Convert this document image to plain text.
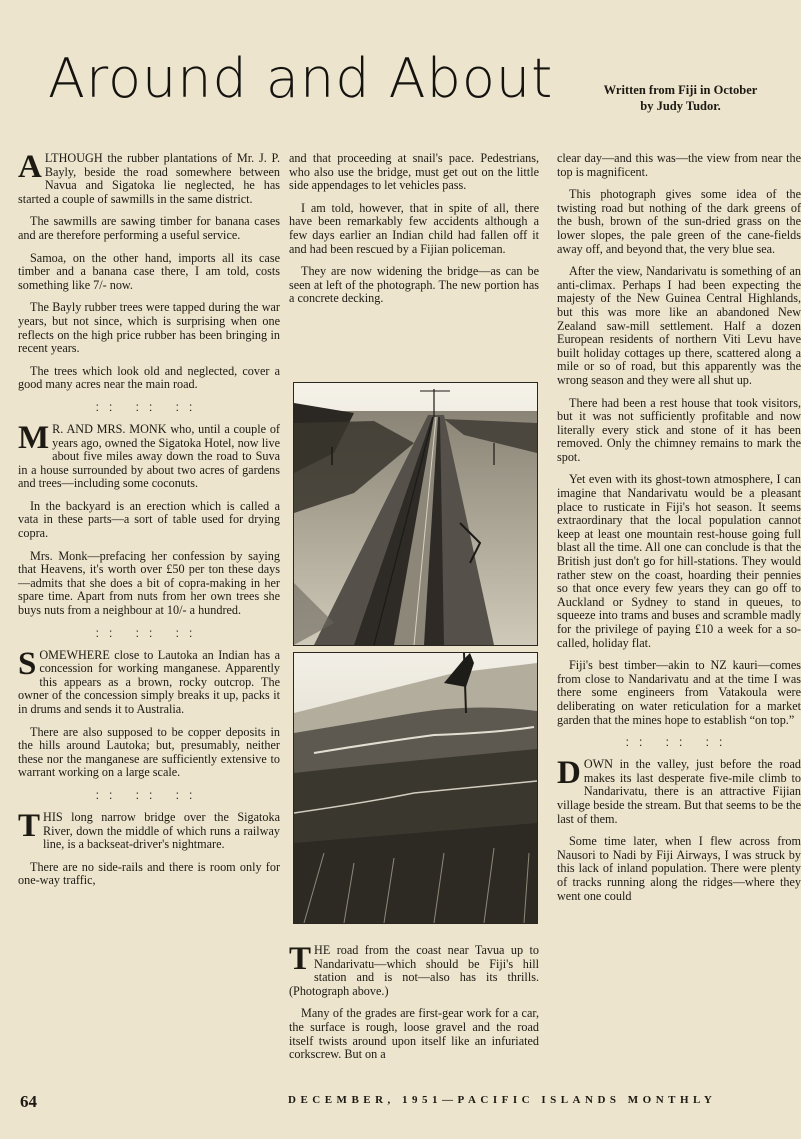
Around and About	Written from Fiji in October
by Judy Tudor.

ALTHOUGH the rubber plantations of Mr. J. P. Bayly, beside the road somewhere between Navua and Sigatoka lie neglected, he has started a couple of sawmills in the same district.

The sawmills are sawing timber for banana cases and are therefore performing a useful service.

Samoa, on the other hand, imports all its case timber and a banana case there, I am told, costs something like 7/- now.

The Bayly rubber trees were tapped during the war years, but not since, which is surprising when one reflects on the high price rubber has been bringing in recent years.

The trees which look old and neglected, cover a good many acres near the main road.

:: :: ::

M R. AND MRS. MONK who, until a couple of years ago, owned the Sigatoka Hotel, now live about five miles away down the road to Suva in a house surrounded by about two acres of gardens and trees—including some coconuts.

In the backyard is an erection which is called a vata in these parts—a sort of table used for drying copra.

Mrs. Monk—prefacing her confession by saying that Heavens, it's worth over £50 per ton these days—admits that she does a bit of copra-making in her spare time. Apart from nuts from her own trees she buys nuts from a neighbour at 10/- a hundred.

:: :: ::

SOMEWHERE close to Lautoka an Indian has a concession for working manganese. Apparently this appears as a brown, rocky outcrop. The owner of the concession simply breaks it up, packs it in drums and sends it to Australia.

There are also supposed to be copper deposits in the hills around Lautoka; but, presumably, neither these nor the manganese are sufficiently extensive to warrant working on a large scale.

:: :: ::

THIS long narrow bridge over the Sigatoka River, down the middle of which runs a railway line, is a backseat-driver's nightmare.

There are no side-rails and there is room only for one-way traffic,

and that proceeding at snail's pace. Pedestrians, who also use the bridge, must get out on the little side appendages to let vehicles pass.

I am told, however, that in spite of all, there have been remarkably few accidents although a few days earlier an Indian child had fallen off it and had been rescued by a Fijian policeman.

They are now widening the bridge—as can be seen at left of the photograph. The new portion has a concrete decking.

THE road from the coast near Tavua up to Nandarivatu—which should be Fiji's hill station and is not—also has its thrills. (Photograph above.)

Many of the grades are first-gear work for a car, the surface is rough, loose gravel and the road itself twists around upon itself like an infuriated corkscrew. But on a

clear day—and this was—the view from near the top is magnificent.

This photograph gives some idea of the twisting road but nothing of the dark greens of the bush, brown of the sun-dried grass on the lower slopes, the pale green of the cane-fields away off, and beyond that, the very blue sea.

After the view, Nandarivatu is something of an anti-climax. Perhaps I had been expecting the majesty of the New Guinea Central Highlands, but this was more like an abandoned New Zealand saw-mill settlement. Half a dozen European residents of northern Viti Levu have built holiday cottages up there, scattered along a mile or so of road, but this apparently was the wrong season and they were all shut up.

There had been a rest house that took visitors, but it was not sufficiently profitable and now literally every stick and stone of it has been removed. Only the chimney remains to mark the spot.

Yet even with its ghost-town atmosphere, I can imagine that Nandarivatu would be a pleasant place to rusticate in Fiji's hot season. It seems extraordinary that the local population cannot keep at least one mountain rest-house going full blast all the time. All one can conclude is that the British just don't go for hill-stations. They would rather stew on the coast, hoarding their pennies so that once every few years they can go off to Auckland or Sydney to stand in queues, to squeeze into trams and buses and scramble madly for the privilege of paying £10 a week for a so-called, holiday flat.

Fiji's best timber—akin to NZ kauri—comes from close to Nandarivatu and at the time I was there some engineers from Vatakoula were deliberating on water reticulation for a market garden that the mines hope to establish “on top.”

:: :: ::

DOWN in the valley, just before the road makes its last desperate five-mile climb to Nandarivatu, there is an attractive Fijian village beside the stream. But that seems to be the last of them.

Some time later, when I flew across from Nausori to Nadi by Fiji Airways, I was struck by this lack of inland population. There were plenty of tracks running along the ridges—where they went one could

64	DECEMBER, 1951—PACIFIC ISLANDS MONTHLY
